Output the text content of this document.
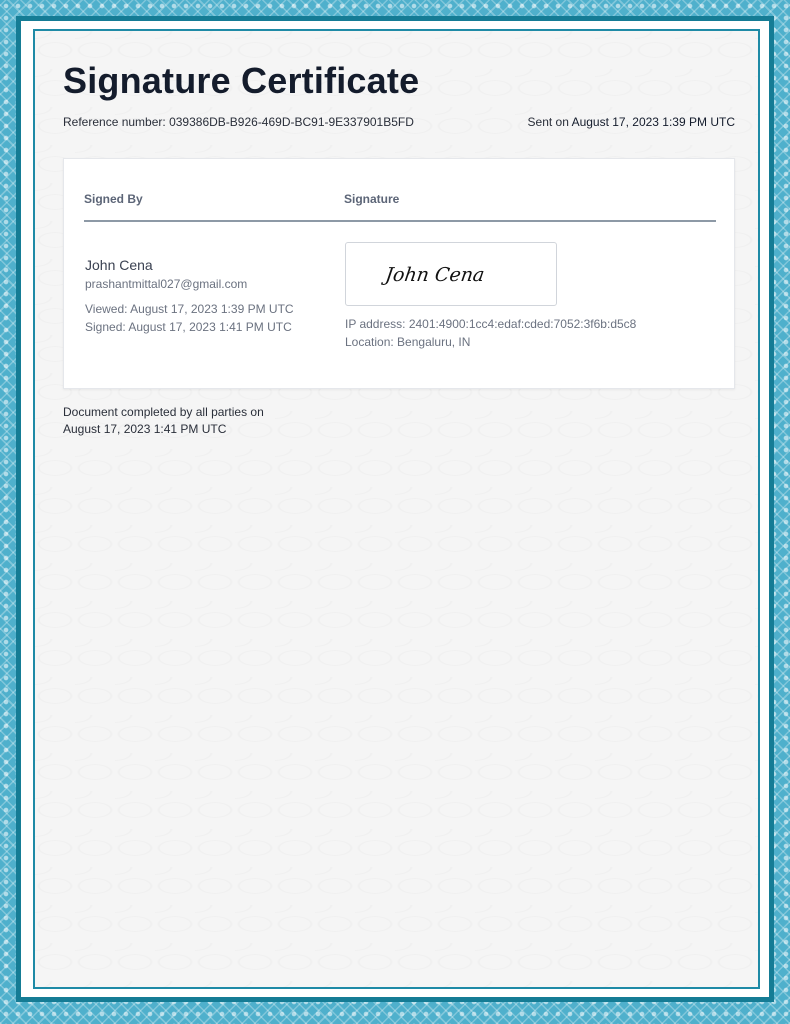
Signature Certificate
Reference number: 039386DB-B926-469D-BC91-9E337901B5FD	Sent on August 17, 2023 1:39 PM UTC
Signed By	Signature
John Cena
prashantmittal027@gmail.com
Viewed: August 17, 2023 1:39 PM UTC
Signed: August 17, 2023 1:41 PM UTC
John Cena
IP address: 2401:4900:1cc4:edaf:cded:7052:3f6b:d5c8
Location: Bengaluru, IN
Document completed by all parties on
August 17, 2023 1:41 PM UTC
